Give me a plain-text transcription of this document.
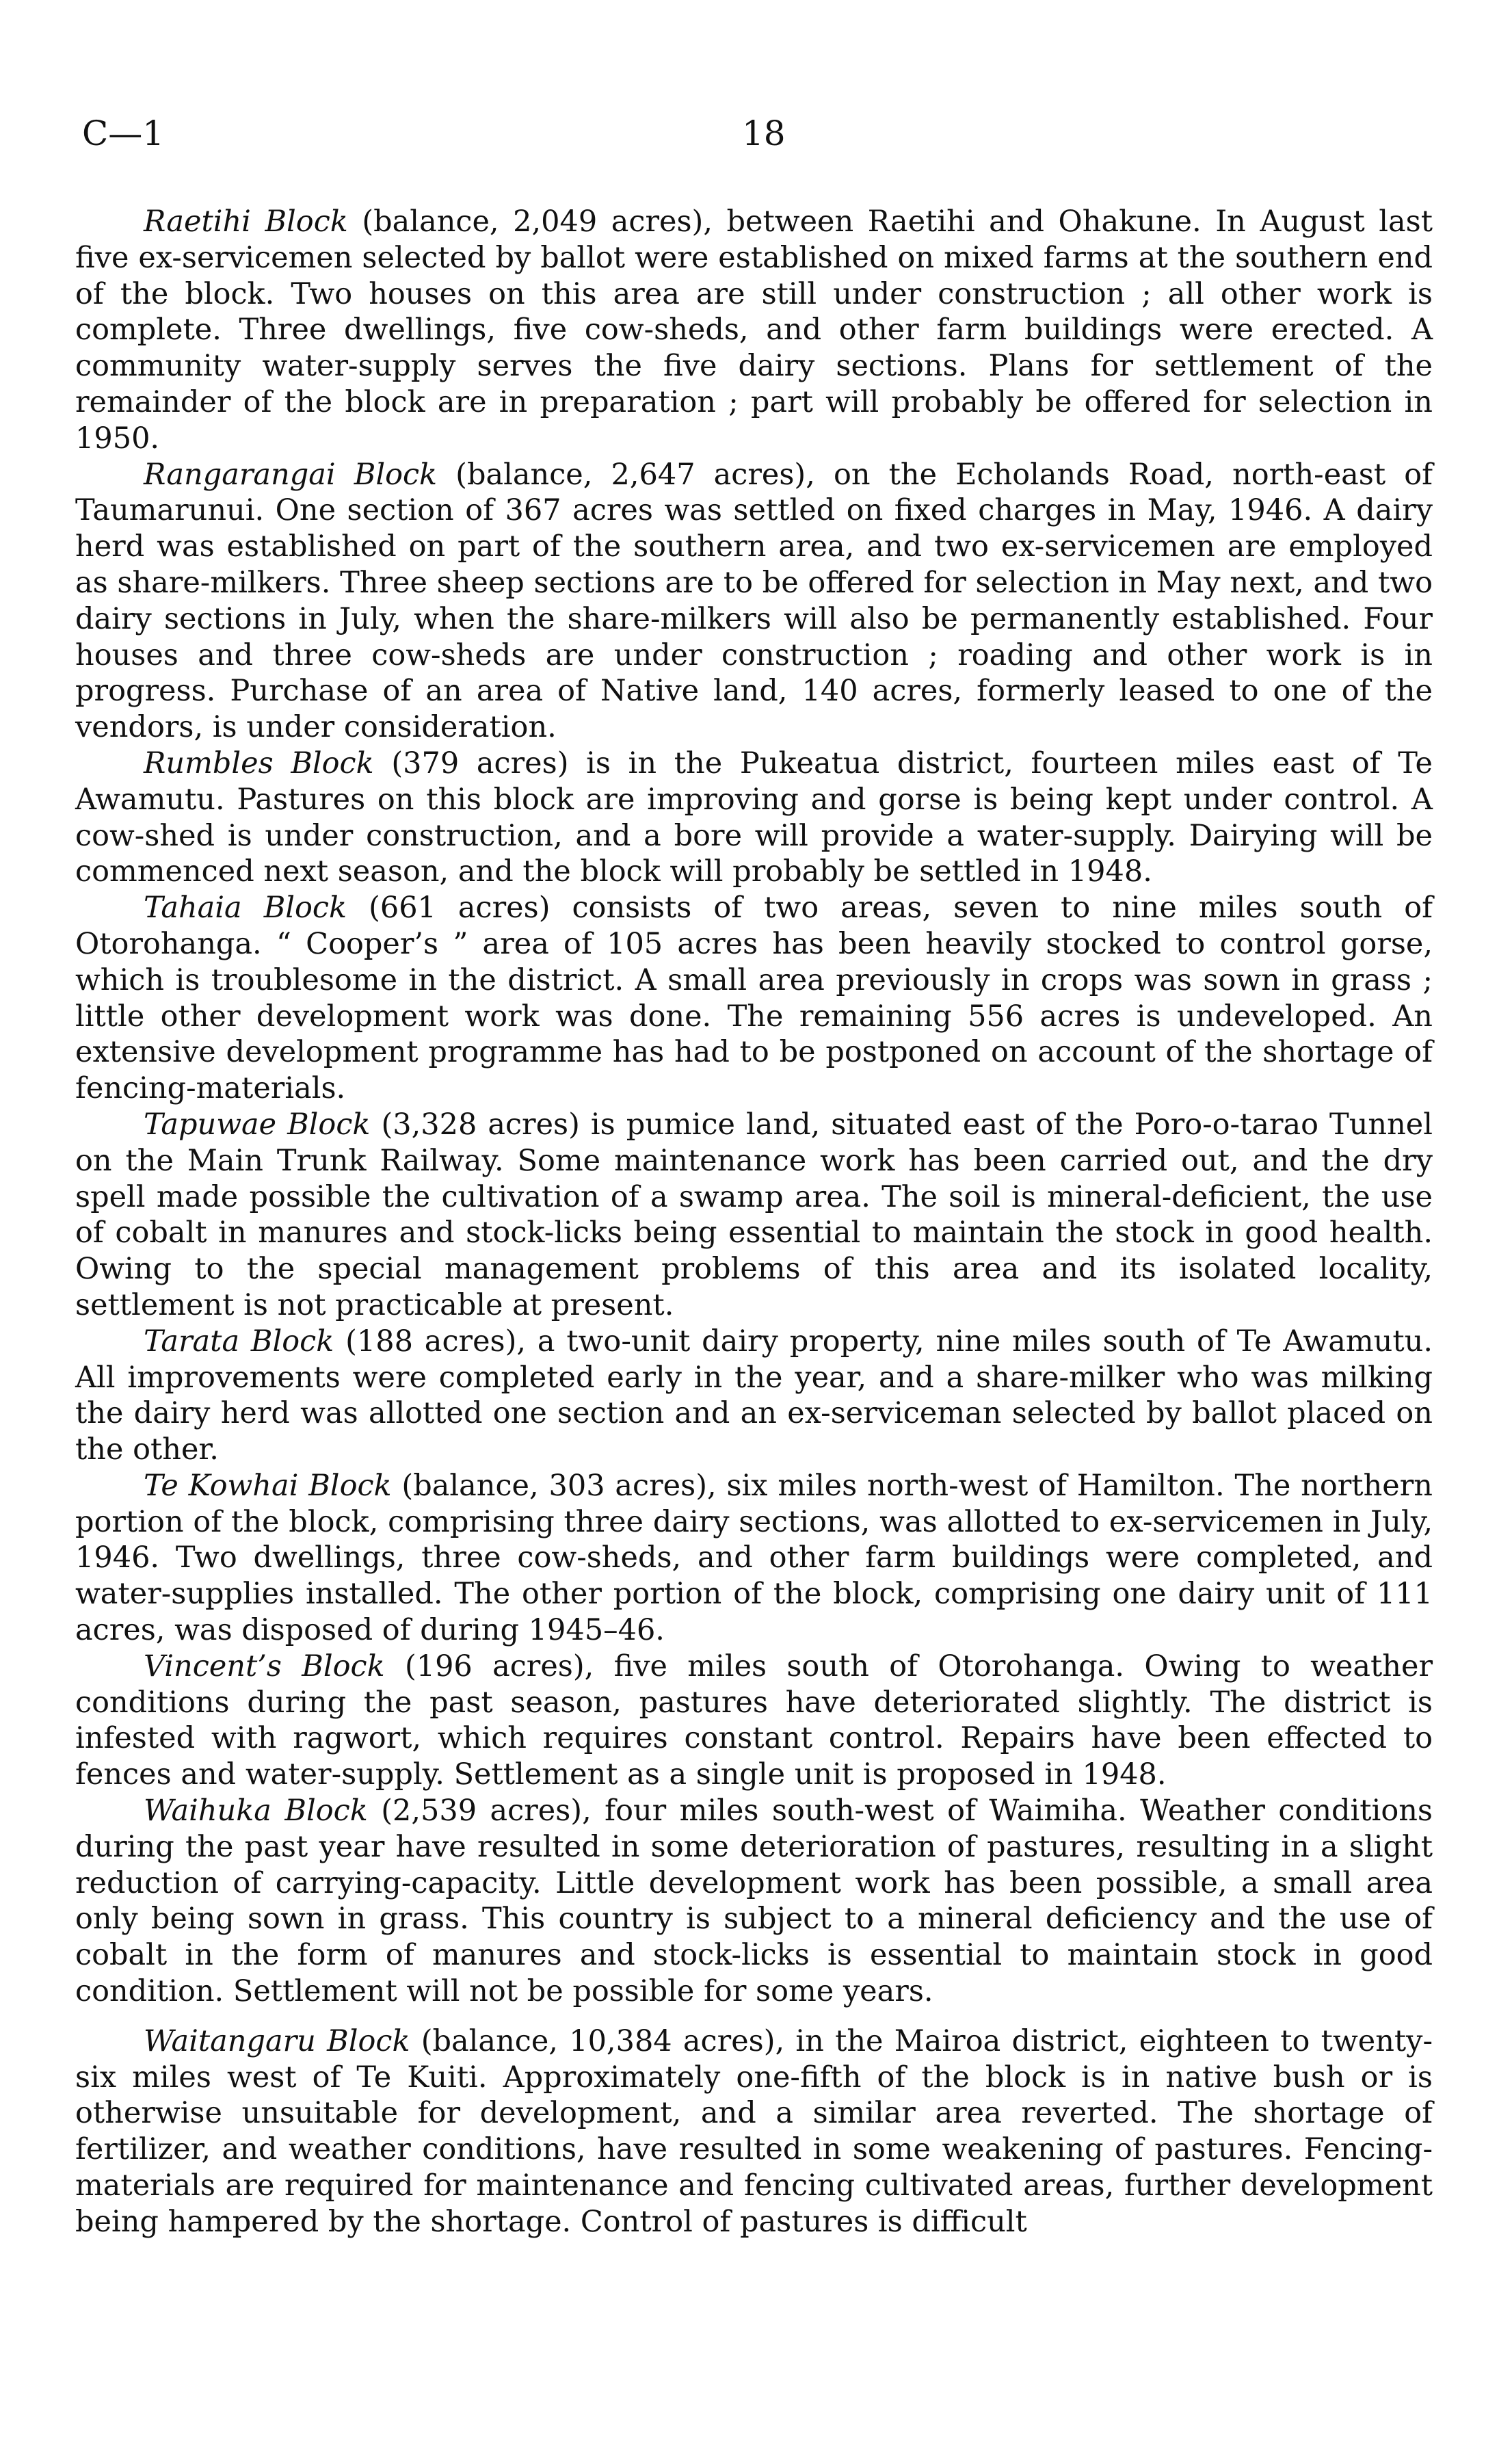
C—1	18

Raetihi Block (balance, 2,049 acres), between Raetihi and Ohakune. In August last five ex-servicemen selected by ballot were established on mixed farms at the southern end of the block. Two houses on this area are still under construction ; all other work is complete. Three dwellings, five cow-sheds, and other farm buildings were erected. A community water-supply serves the five dairy sections. Plans for settlement of the remainder of the block are in preparation ; part will probably be offered for selection in 1950.

Rangarangai Block (balance, 2,647 acres), on the Echolands Road, north-east of Taumarunui. One section of 367 acres was settled on fixed charges in May, 1946. A dairy herd was established on part of the southern area, and two ex-servicemen are employed as share-milkers. Three sheep sections are to be offered for selection in May next, and two dairy sections in July, when the share-milkers will also be permanently established. Four houses and three cow-sheds are under construction ; roading and other work is in progress. Purchase of an area of Native land, 140 acres, formerly leased to one of the vendors, is under consideration.

Rumbles Block (379 acres) is in the Pukeatua district, fourteen miles east of Te Awamutu. Pastures on this block are improving and gorse is being kept under control. A cow-shed is under construction, and a bore will provide a water-supply. Dairying will be commenced next season, and the block will probably be settled in 1948.

Tahaia Block (661 acres) consists of two areas, seven to nine miles south of Otorohanga. “ Cooper’s ” area of 105 acres has been heavily stocked to control gorse, which is troublesome in the district. A small area previously in crops was sown in grass ; little other development work was done. The remaining 556 acres is undeveloped. An extensive development programme has had to be postponed on account of the shortage of fencing-materials.

Tapuwae Block (3,328 acres) is pumice land, situated east of the Poro-o-tarao Tunnel on the Main Trunk Railway. Some maintenance work has been carried out, and the dry spell made possible the cultivation of a swamp area. The soil is mineral-deficient, the use of cobalt in manures and stock-licks being essential to maintain the stock in good health. Owing to the special management problems of this area and its isolated locality, settlement is not practicable at present.

Tarata Block (188 acres), a two-unit dairy property, nine miles south of Te Awamutu. All improvements were completed early in the year, and a share-milker who was milking the dairy herd was allotted one section and an ex-serviceman selected by ballot placed on the other.

Te Kowhai Block (balance, 303 acres), six miles north-west of Hamilton. The northern portion of the block, comprising three dairy sections, was allotted to ex-servicemen in July, 1946. Two dwellings, three cow-sheds, and other farm buildings were completed, and water-supplies installed. The other portion of the block, comprising one dairy unit of 111 acres, was disposed of during 1945–46.

Vincent’s Block (196 acres), five miles south of Otorohanga. Owing to weather conditions during the past season, pastures have deteriorated slightly. The district is infested with ragwort, which requires constant control. Repairs have been effected to fences and water-supply. Settlement as a single unit is proposed in 1948.

Waihuka Block (2,539 acres), four miles south-west of Waimiha. Weather conditions during the past year have resulted in some deterioration of pastures, resulting in a slight reduction of carrying-capacity. Little development work has been possible, a small area only being sown in grass. This country is subject to a mineral deficiency and the use of cobalt in the form of manures and stock-licks is essential to maintain stock in good condition. Settlement will not be possible for some years.

Waitangaru Block (balance, 10,384 acres), in the Mairoa district, eighteen to twenty-six miles west of Te Kuiti. Approximately one-fifth of the block is in native bush or is otherwise unsuitable for development, and a similar area reverted. The shortage of fertilizer, and weather conditions, have resulted in some weakening of pastures. Fencing-materials are required for maintenance and fencing cultivated areas, further development being hampered by the shortage. Control of pastures is difficult
